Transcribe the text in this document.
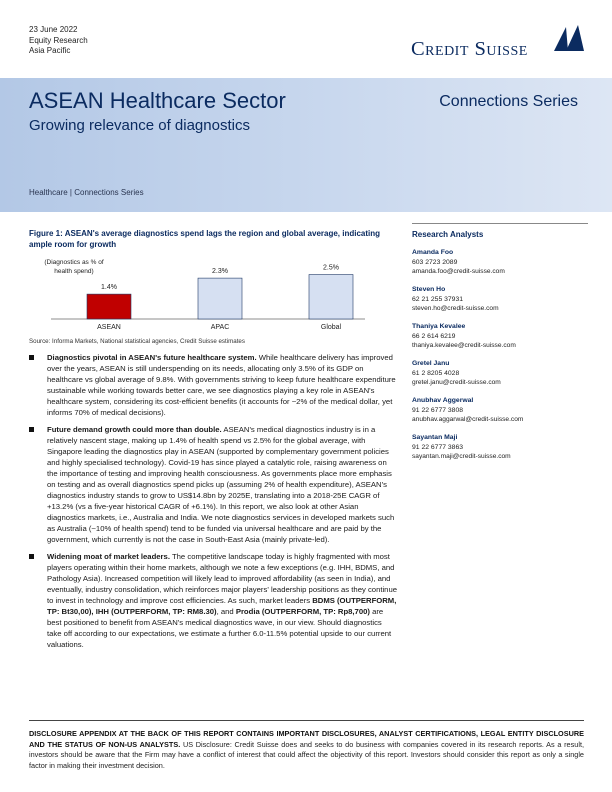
23 June 2022
Equity Research
Asia Pacific	Credit Suisse
ASEAN Healthcare Sector
Growing relevance of diagnostics
Connections Series
Healthcare | Connections Series
Figure 1: ASEAN's average diagnostics spend lags the region and global average, indicating ample room for growth
(Diagnostics as % of
health spend)
1.4%
ASEAN
2.3%
APAC
2.5%
Global
Source: Informa Markets, National statistical agencies, Credit Suisse estimates
Diagnostics pivotal in ASEAN's future healthcare system. While healthcare delivery has improved over the years, ASEAN is still underspending on its needs, allocating only 3.5% of its GDP on healthcare vs global average of 9.8%. With governments striving to keep future healthcare expenditure sustainable while working towards better care, we see diagnostics playing a key role in ASEAN's healthcare system, considering its cost-efficient benefits (it accounts for ~2% of the medical dollar, yet informs 70% of medical decisions).
Future demand growth could more than double. ASEAN's medical diagnostics industry is in a relatively nascent stage, making up 1.4% of health spend vs 2.5% for the global average, with Singapore leading the diagnostics play in ASEAN (supported by complementary government policies and highly specialised technology). Covid-19 has since played a catalytic role, raising awareness on the importance of testing and improving health consciousness. As governments place more emphasis on testing and as overall diagnostics spend picks up (assuming 2% of health expenditure), ASEAN's diagnostics industry stands to grow to US$14.8bn by 2025E, translating into a 2018-25E CAGR of +13.2% (vs a five-year historical CAGR of +6.1%). In this report, we also look at other Asian diagnostics markets, i.e., Australia and India. We note diagnostics services in developed markets such as Australia (~10% of health spend) tend to be funded via universal healthcare and are paid by the government, which currently is not the case in South-East Asia (mainly private-led).
Widening moat of market leaders. The competitive landscape today is highly fragmented with most players operating within their home markets, although we note a few exceptions (e.g. IHH, BDMS, and Pathology Asia). Increased competition will likely lead to improved affordability (as seen in India), and eventually, industry consolidation, which reinforces major players' leadership positions as they continue to invest in technology and improve cost efficiencies. As such, market leaders BDMS (OUTPERFORM, TP: Bt30,00), IHH (OUTPERFORM, TP: RM8.30), and Prodia (OUTPERFORM, TP: Rp8,700) are best positioned to benefit from ASEAN's medical diagnostics wave, in our view. Should diagnostics take off according to our expectations, we estimate a further 6.0-11.5% potential upside to our current valuations.
Research Analysts
Amanda Foo
603 2723 2089
amanda.foo@credit-suisse.com
Steven Ho
62 21 255 37931
steven.ho@credit-suisse.com
Thaniya Kevalee
66 2 614 6219
thaniya.kevalee@credit-suisse.com
Gretel Janu
61 2 8205 4028
gretel.janu@credit-suisse.com
Anubhav Aggerwal
91 22 6777 3808
anubhav.aggarwal@credit-suisse.com
Sayantan Maji
91 22 6777 3863
sayantan.maji@credit-suisse.com
DISCLOSURE APPENDIX AT THE BACK OF THIS REPORT CONTAINS IMPORTANT DISCLOSURES, ANALYST CERTIFICATIONS, LEGAL ENTITY DISCLOSURE AND THE STATUS OF NON-US ANALYSTS. US Disclosure: Credit Suisse does and seeks to do business with companies covered in its research reports. As a result, investors should be aware that the Firm may have a conflict of interest that could affect the objectivity of this report. Investors should consider this report as only a single factor in making their investment decision.
